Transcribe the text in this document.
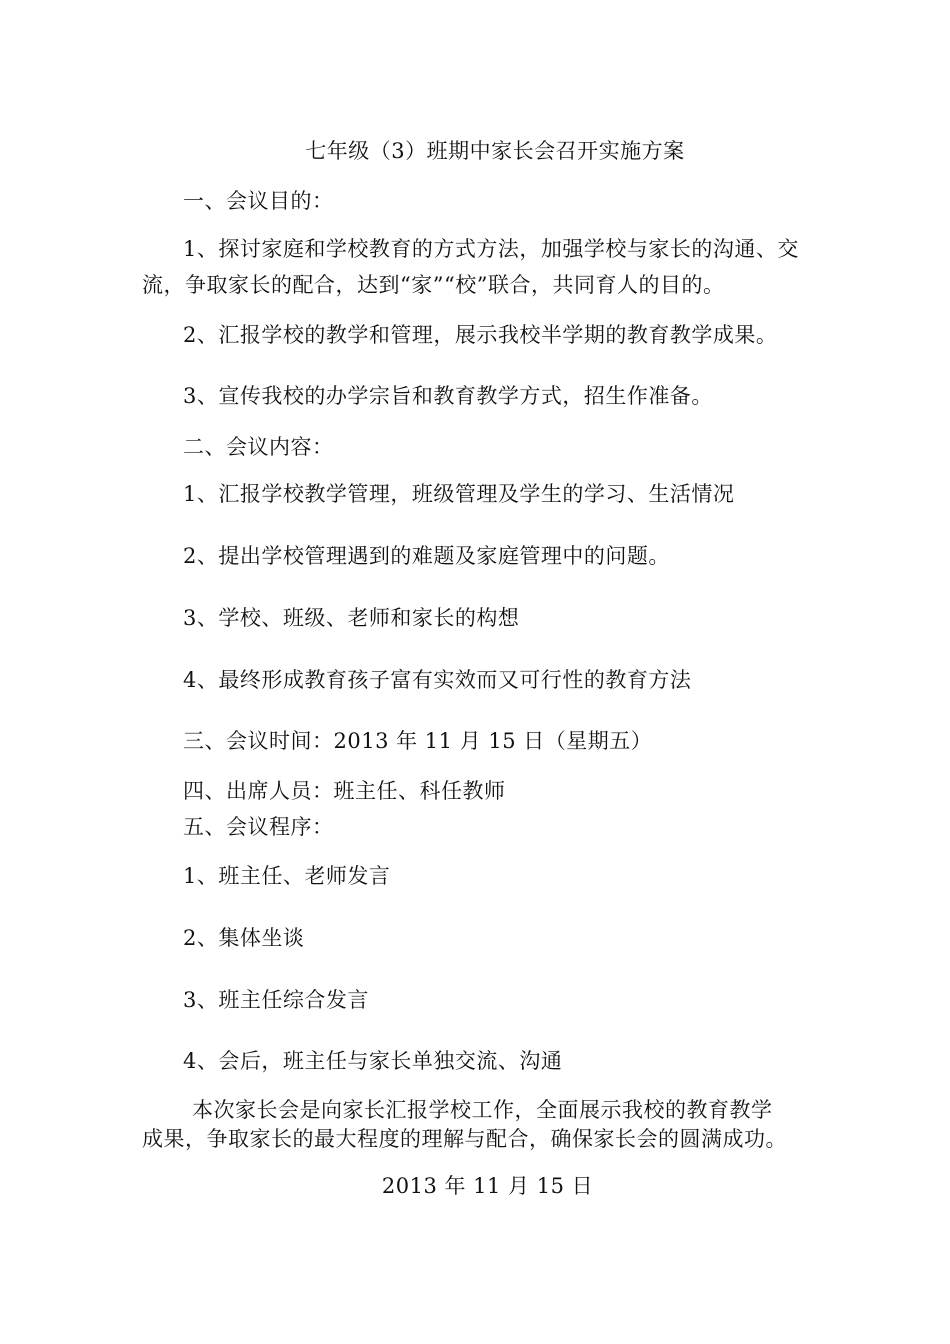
七年级（3）班期中家长会召开实施方案
一、会议目的：
1、探讨家庭和学校教育的方式方法，加强学校与家长的沟通、交
流，争取家长的配合，达到“家”“校”联合，共同育人的目的。
2、汇报学校的教学和管理，展示我校半学期的教育教学成果。
3、宣传我校的办学宗旨和教育教学方式，招生作准备。
二、会议内容：
1、汇报学校教学管理，班级管理及学生的学习、生活情况
2、提出学校管理遇到的难题及家庭管理中的问题。
3、学校、班级、老师和家长的构想
4、最终形成教育孩子富有实效而又可行性的教育方法
三、会议时间：2013 年 11 月 15 日（星期五）
四、出席人员：班主任、科任教师
五、会议程序：
1、班主任、老师发言
2、集体坐谈
3、班主任综合发言
4、会后，班主任与家长单独交流、沟通
本次家长会是向家长汇报学校工作，全面展示我校的教育教学
成果，争取家长的最大程度的理解与配合，确保家长会的圆满成功。
2013 年 11 月 15 日
